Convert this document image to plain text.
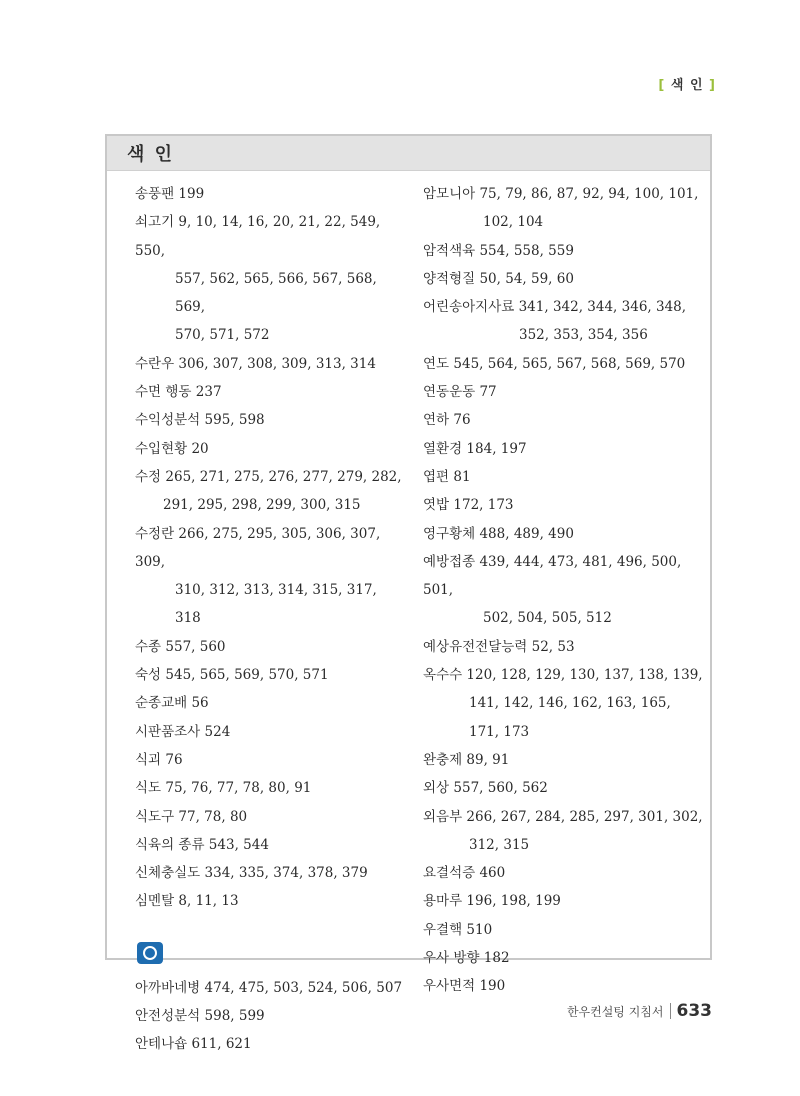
[ 색 인 ]
색 인
송풍팬 199
쇠고기 9, 10, 14, 16, 20, 21, 22, 549, 550,
557, 562, 565, 566, 567, 568, 569,
570, 571, 572
수란우 306, 307, 308, 309, 313, 314
수면 행동 237
수익성분석 595, 598
수입현황 20
수정 265, 271, 275, 276, 277, 279, 282,
291, 295, 298, 299, 300, 315
수정란 266, 275, 295, 305, 306, 307, 309,
310, 312, 313, 314, 315, 317, 318
수종 557, 560
숙성 545, 565, 569, 570, 571
순종교배 56
시판품조사 524
식괴 76
식도 75, 76, 77, 78, 80, 91
식도구 77, 78, 80
식육의 종류 543, 544
신체충실도 334, 335, 374, 378, 379
심멘탈 8, 11, 13
아까바네병 474, 475, 503, 524, 506, 507
안전성분석 598, 599
안테나숍 611, 621
암모니아 75, 79, 86, 87, 92, 94, 100, 101,
102, 104
암적색육 554, 558, 559
양적형질 50, 54, 59, 60
어린송아지사료 341, 342, 344, 346, 348,
352, 353, 354, 356
연도 545, 564, 565, 567, 568, 569, 570
연동운동 77
연하 76
열환경 184, 197
엽편 81
엿밥 172, 173
영구황체 488, 489, 490
예방접종 439, 444, 473, 481, 496, 500, 501,
502, 504, 505, 512
예상유전전달능력 52, 53
옥수수 120, 128, 129, 130, 137, 138, 139,
141, 142, 146, 162, 163, 165, 171, 173
완충제 89, 91
외상 557, 560, 562
외음부 266, 267, 284, 285, 297, 301, 302,
312, 315
요결석증 460
용마루 196, 198, 199
우결핵 510
우사 방향 182
우사면적 190
한우컨설팅 지침서 633
